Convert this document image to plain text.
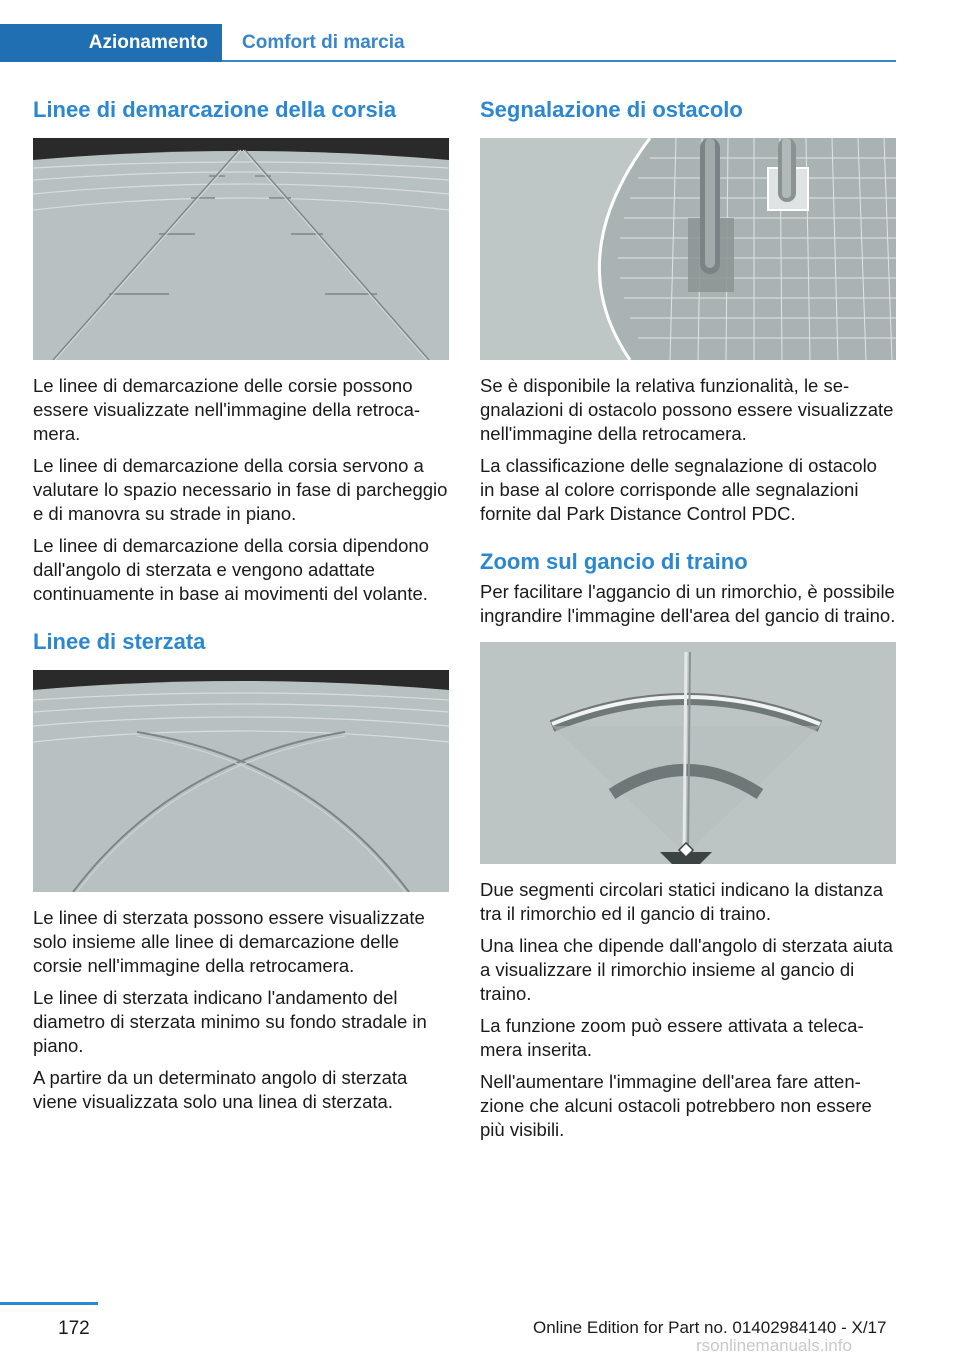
Azionamento	Comfort di marcia
Linee di demarcazione della corsia

Le linee di demarcazione delle corsie possono essere visualizzate nell'immagine della retrocamera.

Le linee di demarcazione della corsia servono a valutare lo spazio necessario in fase di parcheggio e di manovra su strade in piano.

Le linee di demarcazione della corsia dipendono dall'angolo di sterzata e vengono adattate continuamente in base ai movimenti del volante.

Linee di sterzata

Le linee di sterzata possono essere visualizzate solo insieme alle linee di demarcazione delle corsie nell'immagine della retrocamera.

Le linee di sterzata indicano l'andamento del diametro di sterzata minimo su fondo stradale in piano.

A partire da un determinato angolo di sterzata viene visualizzata solo una linea di sterzata.

Segnalazione di ostacolo

Se è disponibile la relativa funzionalità, le segnalazioni di ostacolo possono essere visualizzate nell'immagine della retrocamera.

La classificazione delle segnalazione di ostacolo in base al colore corrisponde alle segnalazioni fornite dal Park Distance Control PDC.

Zoom sul gancio di traino

Per facilitare l'aggancio di un rimorchio, è possibile ingrandire l'immagine dell'area del gancio di traino.

Due segmenti circolari statici indicano la distanza tra il rimorchio ed il gancio di traino.

Una linea che dipende dall'angolo di sterzata aiuta a visualizzare il rimorchio insieme al gancio di traino.

La funzione zoom può essere attivata a telecamera inserita.

Nell'aumentare l'immagine dell'area fare attenzione che alcuni ostacoli potrebbero non essere più visibili.

172	Online Edition for Part no. 01402984140 - X/17
rsonlinemanuals.info
